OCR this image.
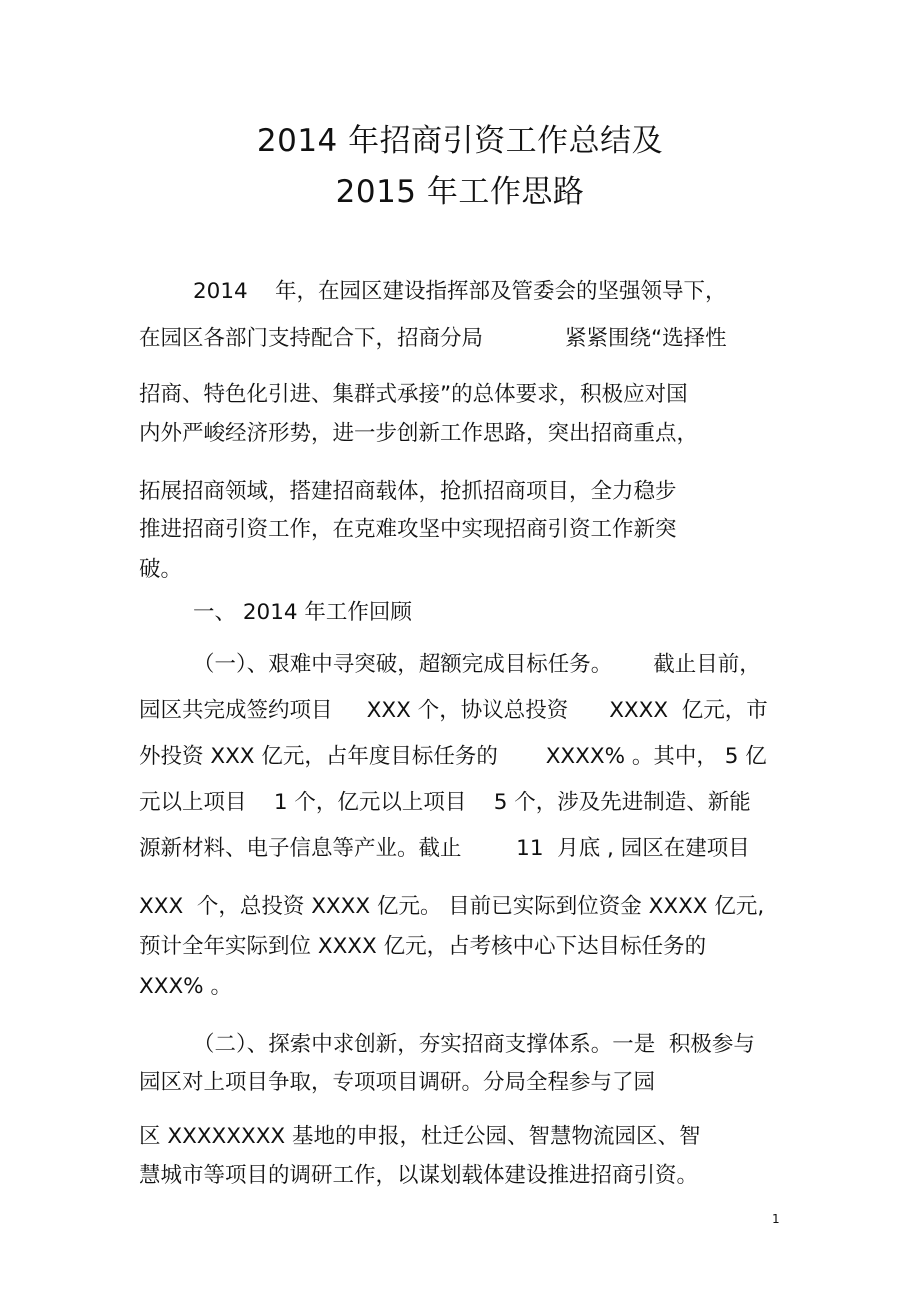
2014 年招商引资工作总结及
2015 年工作思路

2014    年，在园区建设指挥部及管委会的坚强领导下，

在园区各部门支持配合下，招商分局            紧紧围绕“选择性

招商、特色化引进、集群式承接”的总体要求，积极应对国

内外严峻经济形势，进一步创新工作思路，突出招商重点，

拓展招商领域，搭建招商载体，抢抓招商项目，全力稳步

推进招商引资工作，在克难攻坚中实现招商引资工作新突

破。

一、 2014 年工作回顾

（一）、艰难中寻突破，超额完成目标任务。      截止目前，

园区共完成签约项目     XXX 个，协议总投资      XXXX  亿元，市

外投资 XXX 亿元，占年度目标任务的       XXXX% 。其中， 5 亿

元以上项目    1 个，亿元以上项目    5 个，涉及先进制造、新能

源新材料、电子信息等产业。截止        11  月底 , 园区在建项目

XXX  个，总投资 XXXX 亿元。 目前已实际到位资金 XXXX 亿元,

预计全年实际到位 XXXX 亿元，占考核中心下达目标任务的

XXX% 。

（二）、探索中求创新，夯实招商支撑体系。一是  积极参与

园区对上项目争取，专项项目调研。分局全程参与了园

区 XXXXXXXX 基地的申报，杜迁公园、智慧物流园区、智

慧城市等项目的调研工作，以谋划载体建设推进招商引资。

1
